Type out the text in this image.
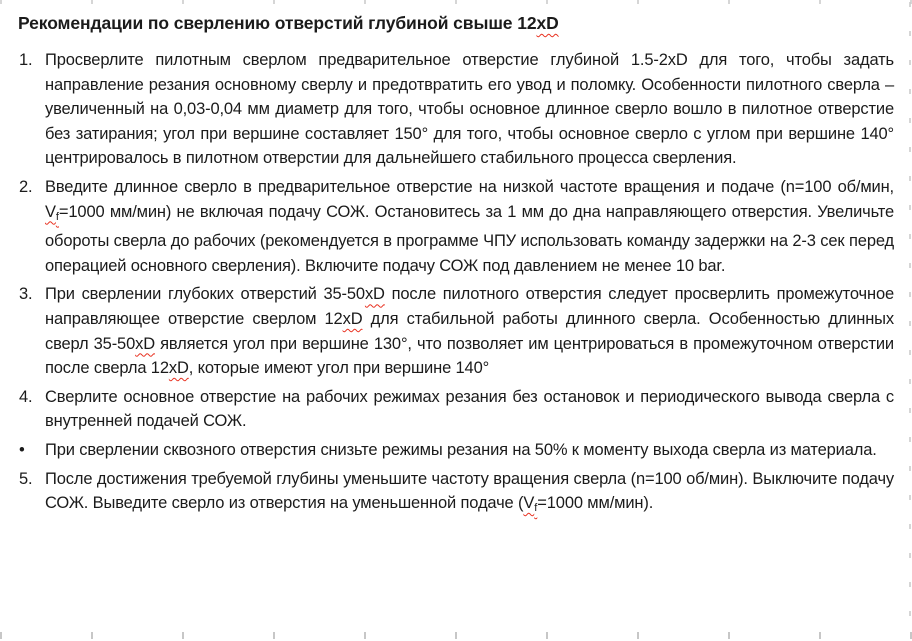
Рекомендации по сверлению отверстий глубиной свыше 12xD
1. Просверлите пилотным сверлом предварительное отверстие глубиной 1.5-2xD для того, чтобы задать направление резания основному сверлу и предотвратить его увод и поломку. Особенности пилотного сверла – увеличенный на 0,03-0,04 мм диаметр для того, чтобы основное длинное сверло вошло в пилотное отверстие без затирания; угол при вершине составляет 150° для того, чтобы основное сверло с углом при вершине 140° центрировалось в пилотном отверстии для дальнейшего стабильного процесса сверления.
2. Введите длинное сверло в предварительное отверстие на низкой частоте вращения и подаче (n=100 об/мин, $V_f=1000$ мм/мин) не включая подачу СОЖ. Остановитесь за 1 мм до дна направляющего отверстия. Увеличьте обороты сверла до рабочих (рекомендуется в программе ЧПУ использовать команду задержки на 2-3 сек перед операцией основного сверления). Включите подачу СОЖ под давлением не менее 10 bar.
3. При сверлении глубоких отверстий 35-50xD после пилотного отверстия следует просверлить промежуточное направляющее отверстие сверлом 12xD для стабильной работы длинного сверла. Особенностью длинных сверл 35-50xD является угол при вершине 130°, что позволяет им центрироваться в промежуточном отверстии после сверла 12xD, которые имеют угол при вершине 140°
4. Сверлите основное отверстие на рабочих режимах резания без остановок и периодического вывода сверла с внутренней подачей СОЖ.
• При сверлении сквозного отверстия снизьте режимы резания на 50% к моменту выхода сверла из материала.
5. После достижения требуемой глубины уменьшите частоту вращения сверла (n=100 об/мин). Выключите подачу СОЖ. Выведите сверло из отверстия на уменьшенной подаче ($V_f=1000$ мм/мин).
